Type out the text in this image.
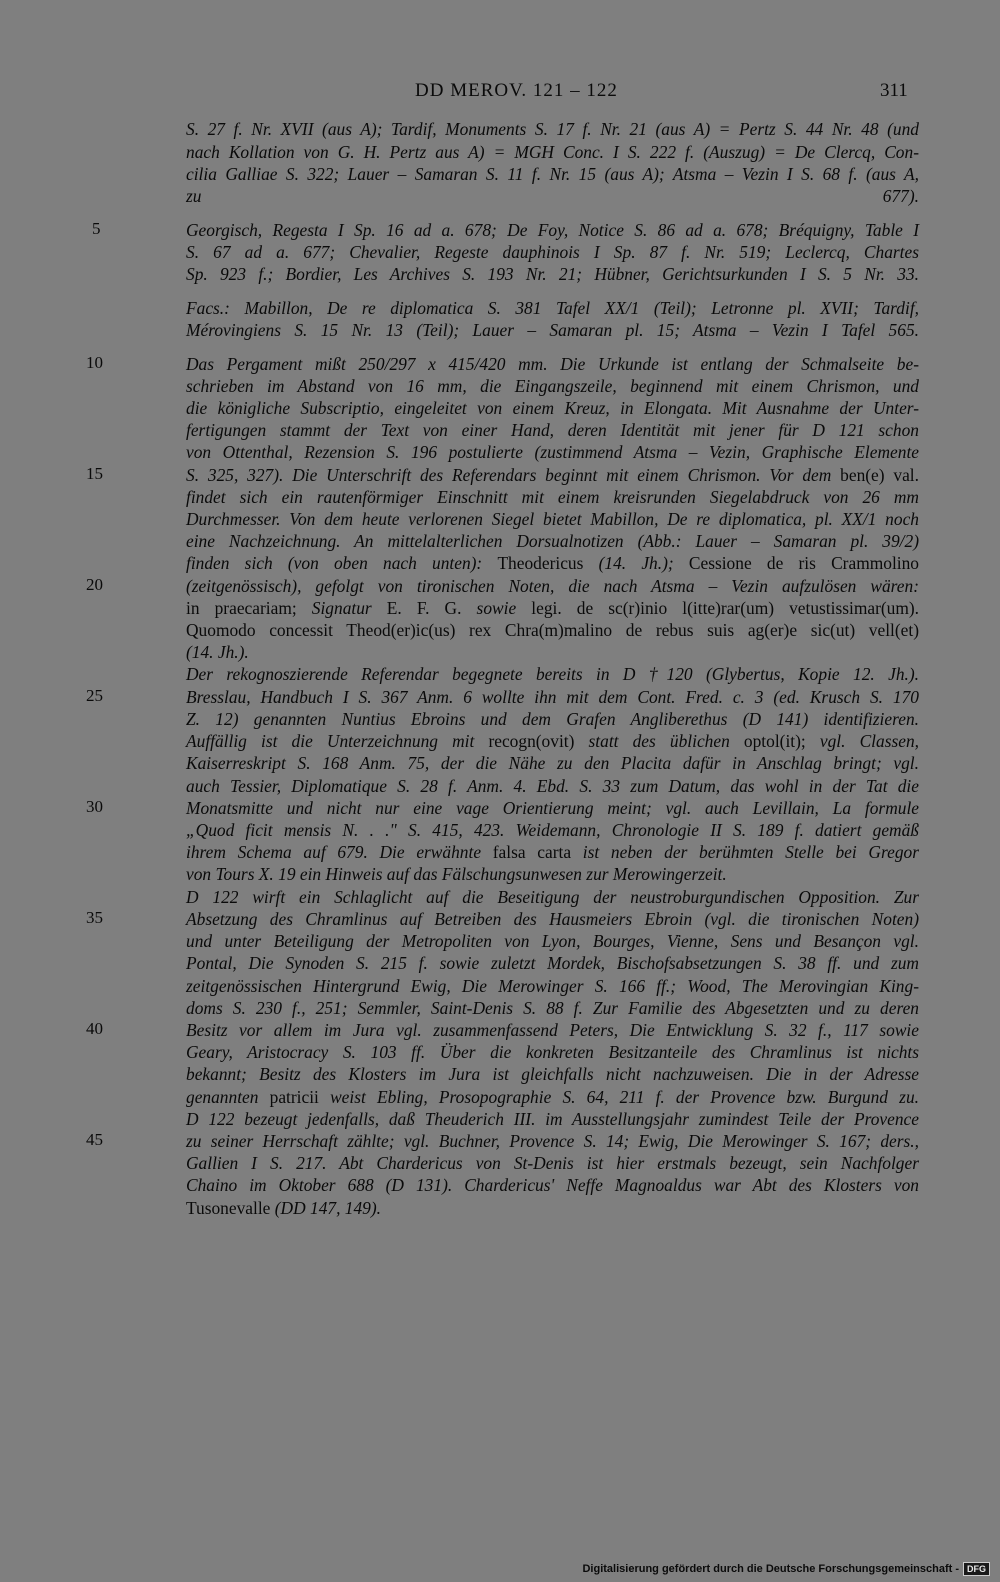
DD MEROV. 121 – 122	311
5
10
15
20
25
30
35
40
45
S. 27 f. Nr. XVII (aus A); Tardif, Monuments S. 17 f. Nr. 21 (aus A) = Pertz S. 44 Nr. 48 (und
nach Kollation von G. H. Pertz aus A) = MGH Conc. I S. 222 f. (Auszug) = De Clercq, Con-
cilia Galliae S. 322; Lauer – Samaran S. 11 f. Nr. 15 (aus A); Atsma – Vezin I S. 68 f. (aus A,
zu 677).
Georgisch, Regesta I Sp. 16 ad a. 678; De Foy, Notice S. 86 ad a. 678; Bréquigny, Table I
S. 67 ad a. 677; Chevalier, Regeste dauphinois I Sp. 87 f. Nr. 519; Leclercq, Chartes
Sp. 923 f.; Bordier, Les Archives S. 193 Nr. 21; Hübner, Gerichtsurkunden I S. 5 Nr. 33.
Facs.: Mabillon, De re diplomatica S. 381 Tafel XX/1 (Teil); Letronne pl. XVII; Tardif,
Mérovingiens S. 15 Nr. 13 (Teil); Lauer – Samaran pl. 15; Atsma – Vezin I Tafel 565.
Das Pergament mißt 250/297 x 415/420 mm. Die Urkunde ist entlang der Schmalseite be-
schrieben im Abstand von 16 mm, die Eingangszeile, beginnend mit einem Chrismon, und
die königliche Subscriptio, eingeleitet von einem Kreuz, in Elongata. Mit Ausnahme der Unter-
fertigungen stammt der Text von einer Hand, deren Identität mit jener für D 121 schon
von Ottenthal, Rezension S. 196 postulierte (zustimmend Atsma – Vezin, Graphische Elemente
S. 325, 327). Die Unterschrift des Referendars beginnt mit einem Chrismon. Vor dem ben(e) val.
findet sich ein rautenförmiger Einschnitt mit einem kreisrunden Siegelabdruck von 26 mm
Durchmesser. Von dem heute verlorenen Siegel bietet Mabillon, De re diplomatica, pl. XX/1 noch
eine Nachzeichnung. An mittelalterlichen Dorsualnotizen (Abb.: Lauer – Samaran pl. 39/2)
finden sich (von oben nach unten): Theodericus (14. Jh.); Cessione de ris Crammolino
(zeitgenössisch), gefolgt von tironischen Noten, die nach Atsma – Vezin aufzulösen wären:
in praecariam; Signatur E. F. G. sowie legi. de sc(r)inio l(itte)rar(um) vetustissimar(um).
Quomodo concessit Theod(er)ic(us) rex Chra(m)malino de rebus suis ag(er)e sic(ut) vell(et)
(14. Jh.).
Der rekognoszierende Referendar begegnete bereits in D †120 (Glybertus, Kopie 12. Jh.).
Bresslau, Handbuch I S. 367 Anm. 6 wollte ihn mit dem Cont. Fred. c. 3 (ed. Krusch S. 170
Z. 12) genannten Nuntius Ebroins und dem Grafen Angliberethus (D 141) identifizieren.
Auffällig ist die Unterzeichnung mit recogn(ovit) statt des üblichen optol(it); vgl. Classen,
Kaiserreskript S. 168 Anm. 75, der die Nähe zu den Placita dafür in Anschlag bringt; vgl.
auch Tessier, Diplomatique S. 28 f. Anm. 4. Ebd. S. 33 zum Datum, das wohl in der Tat die
Monatsmitte und nicht nur eine vage Orientierung meint; vgl. auch Levillain, La formule
„Quod ficit mensis N. . ." S. 415, 423. Weidemann, Chronologie II S. 189 f. datiert gemäß
ihrem Schema auf 679. Die erwähnte falsa carta ist neben der berühmten Stelle bei Gregor
von Tours X. 19 ein Hinweis auf das Fälschungsunwesen zur Merowingerzeit.
D 122 wirft ein Schlaglicht auf die Beseitigung der neustroburgundischen Opposition. Zur
Absetzung des Chramlinus auf Betreiben des Hausmeiers Ebroin (vgl. die tironischen Noten)
und unter Beteiligung der Metropoliten von Lyon, Bourges, Vienne, Sens und Besançon vgl.
Pontal, Die Synoden S. 215 f. sowie zuletzt Mordek, Bischofsabsetzungen S. 38 ff. und zum
zeitgenössischen Hintergrund Ewig, Die Merowinger S. 166 ff.; Wood, The Merovingian King-
doms S. 230 f., 251; Semmler, Saint-Denis S. 88 f. Zur Familie des Abgesetzten und zu deren
Besitz vor allem im Jura vgl. zusammenfassend Peters, Die Entwicklung S. 32 f., 117 sowie
Geary, Aristocracy S. 103 ff. Über die konkreten Besitzanteile des Chramlinus ist nichts
bekannt; Besitz des Klosters im Jura ist gleichfalls nicht nachzuweisen. Die in der Adresse
genannten patricii weist Ebling, Prosopographie S. 64, 211 f. der Provence bzw. Burgund zu.
D 122 bezeugt jedenfalls, daß Theuderich III. im Ausstellungsjahr zumindest Teile der Provence
zu seiner Herrschaft zählte; vgl. Buchner, Provence S. 14; Ewig, Die Merowinger S. 167; ders.,
Gallien I S. 217. Abt Chardericus von St-Denis ist hier erstmals bezeugt, sein Nachfolger
Chaino im Oktober 688 (D 131). Chardericus' Neffe Magnoaldus war Abt des Klosters von
Tusonevalle (DD 147, 149).
Digitalisierung gefördert durch die Deutsche Forschungsgemeinschaft - DFG
